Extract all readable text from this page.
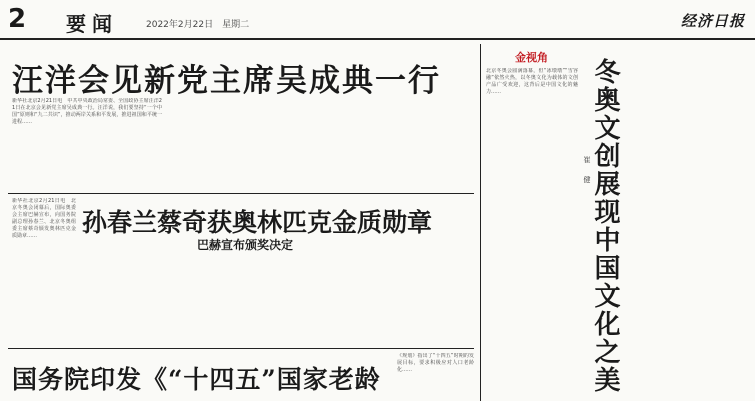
2 要闻	2022年2月22日　星期二	经济日报
汪洋会见新党主席吴成典一行
新华社北京2月21日电　中共中央政治局常委、全国政协主席汪洋21日在北京会见新党主席吴成典一行。汪洋说，我们要坚持“一个中国”原则和“九二共识”，推动两岸关系和平发展，推进祖国和平统一进程……
新华社北京2月21日电　北京冬奥会闭幕后，国际奥委会主席巴赫宣布，向国务院副总理孙春兰、北京冬奥组委主席蔡奇颁发奥林匹克金质勋章……	孙春兰蔡奇获奥林匹克金质勋章
巴赫宣布颁奖决定
国务院印发《“十四五”国家老龄
《规划》指出了“十四五”时期的发展目标，要求积极应对人口老龄化……
金视角
北京冬奥会圆满落幕，但“冰墩墩”“雪容融”依然火热，以冬奥文化为载体的文创产品广受欢迎，这背后是中国文化的魅力……	冬奥文创展现中国文化之美
崔　健
